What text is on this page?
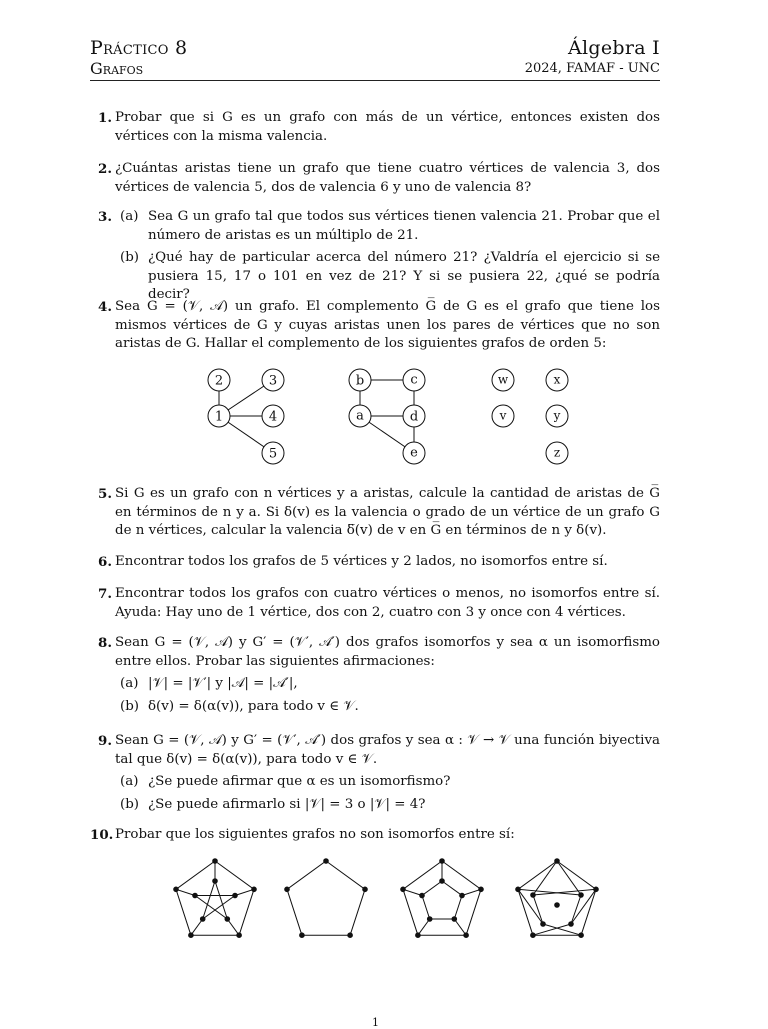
Práctico 8
Grafos
Álgebra I
2024, FAMAF - UNC
1. Probar que si G es un grafo con más de un vértice, entonces existen dos vértices con la misma valencia.
2. ¿Cuántas aristas tiene un grafo que tiene cuatro vértices de valencia 3, dos vértices de valencia 5, dos de valencia 6 y uno de valencia 8?
3. (a) Sea G un grafo tal que todos sus vértices tienen valencia 21. Probar que el número de aristas es un múltiplo de 21.
(b) ¿Qué hay de particular acerca del número 21? ¿Valdría el ejercicio si se pusiera 15, 17 o 101 en vez de 21? Y si se pusiera 22, ¿qué se podría decir?
4. Sea G = (𝒱, 𝒜) un grafo. El complemento G̅ de G es el grafo que tiene los mismos vértices de G y cuyas aristas unen los pares de vértices que no son aristas de G. Hallar el complemento de los siguientes grafos de orden 5:
2	3
1	4
5
b	c
a	d
e
w	x
v	y
z
5. Si G es un grafo con n vértices y a aristas, calcule la cantidad de aristas de G̅ en términos de n y a. Si δ(v) es la valencia o grado de un vértice de un grafo G de n vértices, calcular la valencia δ̅(v) de v en G̅ en términos de n y δ(v).
6. Encontrar todos los grafos de 5 vértices y 2 lados, no isomorfos entre sí.
7. Encontrar todos los grafos con cuatro vértices o menos, no isomorfos entre sí. Ayuda: Hay uno de 1 vértice, dos con 2, cuatro con 3 y once con 4 vértices.
8. Sean G = (𝒱, 𝒜) y G′ = (𝒱′, 𝒜′) dos grafos isomorfos y sea α un isomorfismo entre ellos. Probar las siguientes afirmaciones:
(a) |𝒱| = |𝒱′| y |𝒜| = |𝒜′|,
(b) δ(v) = δ(α(v)), para todo v ∈ 𝒱.
9. Sean G = (𝒱, 𝒜) y G′ = (𝒱′, 𝒜′) dos grafos y sea α : 𝒱 → 𝒱 una función biyectiva tal que δ(v) = δ(α(v)), para todo v ∈ 𝒱.
(a) ¿Se puede afirmar que α es un isomorfismo?
(b) ¿Se puede afirmarlo si |𝒱| = 3 o |𝒱| = 4?
10. Probar que los siguientes grafos no son isomorfos entre sí:
1
